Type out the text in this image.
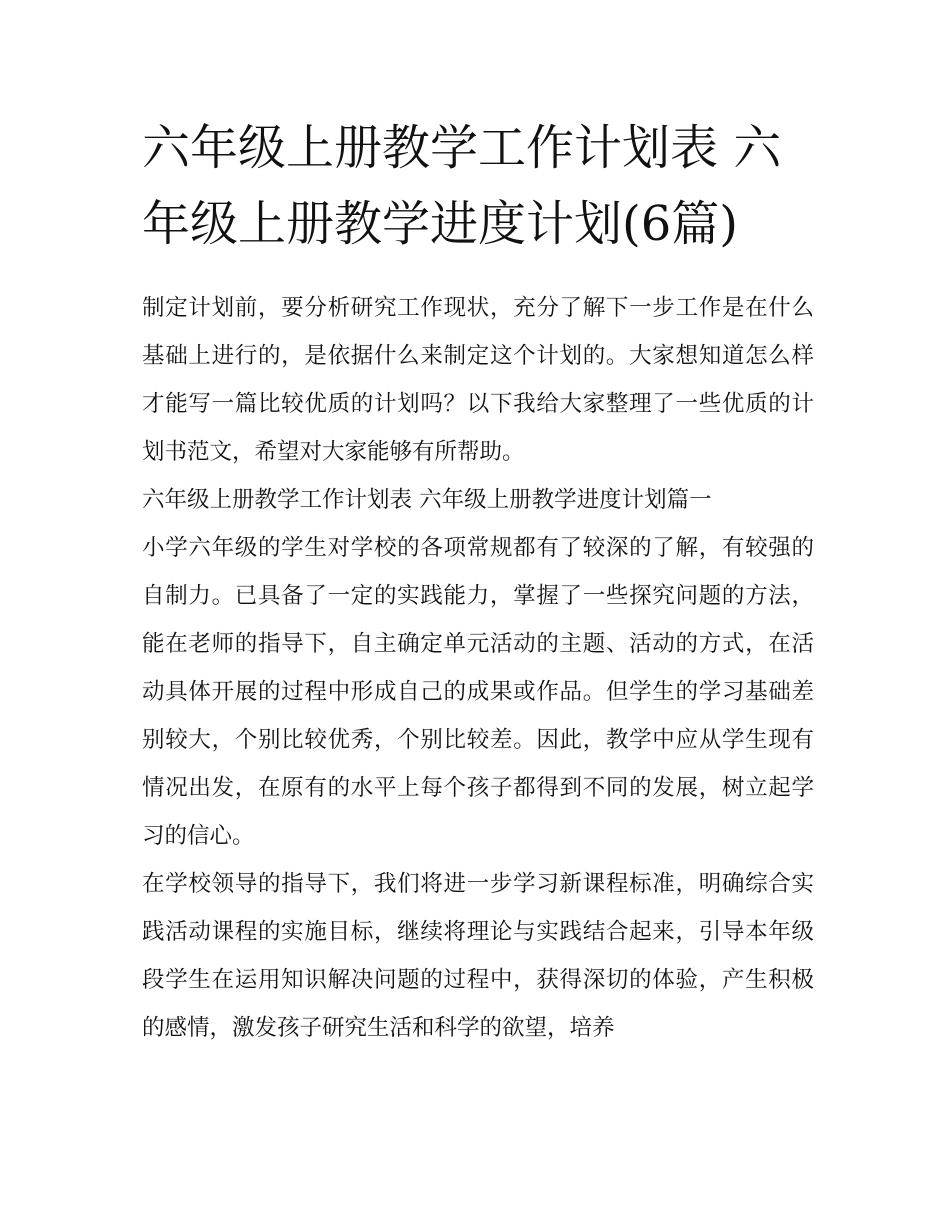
六年级上册教学工作计划表 六年级上册教学进度计划(6篇)

制定计划前，要分析研究工作现状，充分了解下一步工作是在什么基础上进行的，是依据什么来制定这个计划的。大家想知道怎么样才能写一篇比较优质的计划吗？以下我给大家整理了一些优质的计划书范文，希望对大家能够有所帮助。

六年级上册教学工作计划表 六年级上册教学进度计划篇一

小学六年级的学生对学校的各项常规都有了较深的了解，有较强的自制力。已具备了一定的实践能力，掌握了一些探究问题的方法，能在老师的指导下，自主确定单元活动的主题、活动的方式，在活动具体开展的过程中形成自己的成果或作品。但学生的学习基础差别较大，个别比较优秀，个别比较差。因此，教学中应从学生现有情况出发，在原有的水平上每个孩子都得到不同的发展，树立起学习的信心。

在学校领导的指导下，我们将进一步学习新课程标准，明确综合实践活动课程的实施目标，继续将理论与实践结合起来，引导本年级段学生在运用知识解决问题的过程中，获得深切的体验，产生积极的感情，激发孩子研究生活和科学的欲望，培养
